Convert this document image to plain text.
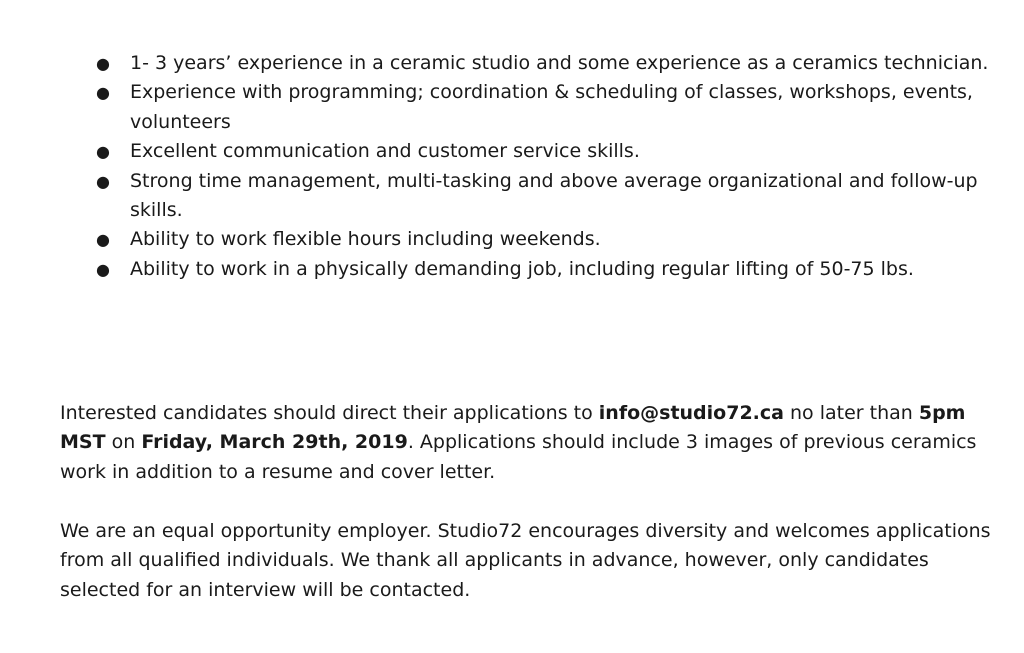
● 1- 3 years’ experience in a ceramic studio and some experience as a ceramics technician.
● Experience with programming; coordination & scheduling of classes, workshops, events, volunteers
● Excellent communication and customer service skills.
● Strong time management, multi-tasking and above average organizational and follow-up skills.
● Ability to work flexible hours including weekends.
● Ability to work in a physically demanding job, including regular lifting of 50-75 lbs.

Interested candidates should direct their applications to info@studio72.ca no later than 5pm MST on Friday, March 29th, 2019. Applications should include 3 images of previous ceramics work in addition to a resume and cover letter.

We are an equal opportunity employer. Studio72 encourages diversity and welcomes applications from all qualified individuals. We thank all applicants in advance, however, only candidates selected for an interview will be contacted.
